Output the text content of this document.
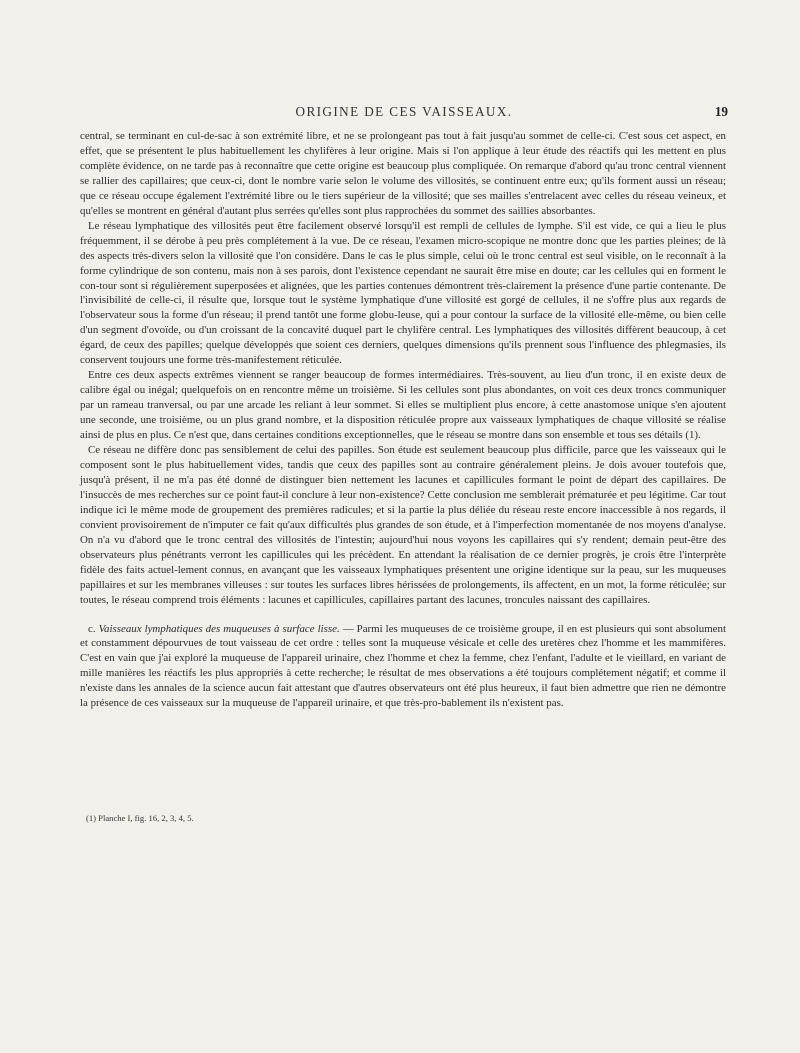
ORIGINE DE CES VAISSEAUX.	19

central, se terminant en cul-de-sac à son extrémité libre, et ne se prolongeant pas tout à fait jusqu'au sommet de celle-ci. C'est sous cet aspect, en effet, que se présentent le plus habituellement les chylifères à leur origine. Mais si l'on applique à leur étude des réactifs qui les mettent en plus complète évidence, on ne tarde pas à reconnaître que cette origine est beaucoup plus compliquée. On remarque d'abord qu'au tronc central viennent se rallier des capillaires; que ceux-ci, dont le nombre varie selon le volume des villosités, se continuent entre eux; qu'ils forment aussi un réseau; que ce réseau occupe également l'extrémité libre ou le tiers supérieur de la villosité; que ses mailles s'entrelacent avec celles du réseau veineux, et qu'elles se montrent en général d'autant plus serrées qu'elles sont plus rapprochées du sommet des saillies absorbantes.

Le réseau lymphatique des villosités peut être facilement observé lorsqu'il est rempli de cellules de lymphe. S'il est vide, ce qui a lieu le plus fréquemment, il se dérobe à peu près complétement à la vue. De ce réseau, l'examen micro-scopique ne montre donc que les parties pleines; de là des aspects très-divers selon la villosité que l'on considère. Dans le cas le plus simple, celui où le tronc central est seul visible, on le reconnaît à la forme cylindrique de son contenu, mais non à ses parois, dont l'existence cependant ne saurait être mise en doute; car les cellules qui en forment le con-tour sont si régulièrement superposées et alignées, que les parties contenues démontrent très-clairement la présence d'une partie contenante. De l'invisibilité de celle-ci, il résulte que, lorsque tout le système lymphatique d'une villosité est gorgé de cellules, il ne s'offre plus aux regards de l'observateur sous la forme d'un réseau; il prend tantôt une forme globu-leuse, qui a pour contour la surface de la villosité elle-même, ou bien celle d'un segment d'ovoïde, ou d'un croissant de la concavité duquel part le chylifère central. Les lymphatiques des villosités diffèrent beaucoup, à cet égard, de ceux des papilles; quelque développés que soient ces derniers, quelques dimensions qu'ils prennent sous l'influence des phlegmasies, ils conservent toujours une forme très-manifestement réticulée.

Entre ces deux aspects extrêmes viennent se ranger beaucoup de formes intermédiaires. Très-souvent, au lieu d'un tronc, il en existe deux de calibre égal ou inégal; quelquefois on en rencontre même un troisième. Si les cellules sont plus abondantes, on voit ces deux troncs communiquer par un rameau tranversal, ou par une arcade les reliant à leur sommet. Si elles se multiplient plus encore, à cette anastomose unique s'en ajoutent une seconde, une troisième, ou un plus grand nombre, et la disposition réticulée propre aux vaisseaux lymphatiques de chaque villosité se réalise ainsi de plus en plus. Ce n'est que, dans certaines conditions exceptionnelles, que le réseau se montre dans son ensemble et tous ses détails (1).

Ce réseau ne diffère donc pas sensiblement de celui des papilles. Son étude est seulement beaucoup plus difficile, parce que les vaisseaux qui le composent sont le plus habituellement vides, tandis que ceux des papilles sont au contraire généralement pleins. Je dois avouer toutefois que, jusqu'à présent, il ne m'a pas été donné de distinguer bien nettement les lacunes et capillicules formant le point de départ des capillaires. De l'insuccès de mes recherches sur ce point faut-il conclure à leur non-existence? Cette conclusion me semblerait prématurée et peu légitime. Car tout indique ici le même mode de groupement des premières radicules; et si la partie la plus déliée du réseau reste encore inaccessible à nos regards, il convient provisoirement de n'imputer ce fait qu'aux difficultés plus grandes de son étude, et à l'imperfection momentanée de nos moyens d'analyse. On n'a vu d'abord que le tronc central des villosités de l'intestin; aujourd'hui nous voyons les capillaires qui s'y rendent; demain peut-être des observateurs plus pénétrants verront les capillicules qui les précèdent. En attendant la réalisation de ce dernier progrès, je crois être l'interprète fidèle des faits actuel-lement connus, en avançant que les vaisseaux lymphatiques présentent une origine identique sur la peau, sur les muqueuses papillaires et sur les membranes villeuses : sur toutes les surfaces libres hérissées de prolongements, ils affectent, en un mot, la forme réticulée; sur toutes, le réseau comprend trois éléments : lacunes et capillicules, capillaires partant des lacunes, troncules naissant des capillaires.

c. Vaisseaux lymphatiques des muqueuses à surface lisse. — Parmi les muqueuses de ce troisième groupe, il en est plusieurs qui sont absolument et constamment dépourvues de tout vaisseau de cet ordre : telles sont la muqueuse vésicale et celle des uretères chez l'homme et les mammifères. C'est en vain que j'ai exploré la muqueuse de l'appareil urinaire, chez l'homme et chez la femme, chez l'enfant, l'adulte et le vieillard, en variant de mille manières les réactifs les plus appropriés à cette recherche; le résultat de mes observations a été toujours complétement négatif; et comme il n'existe dans les annales de la science aucun fait attestant que d'autres observateurs ont été plus heureux, il faut bien admettre que rien ne démontre la présence de ces vaisseaux sur la muqueuse de l'appareil urinaire, et que très-pro-bablement ils n'existent pas.

(1) Planche I, fig. 16, 2, 3, 4, 5.
